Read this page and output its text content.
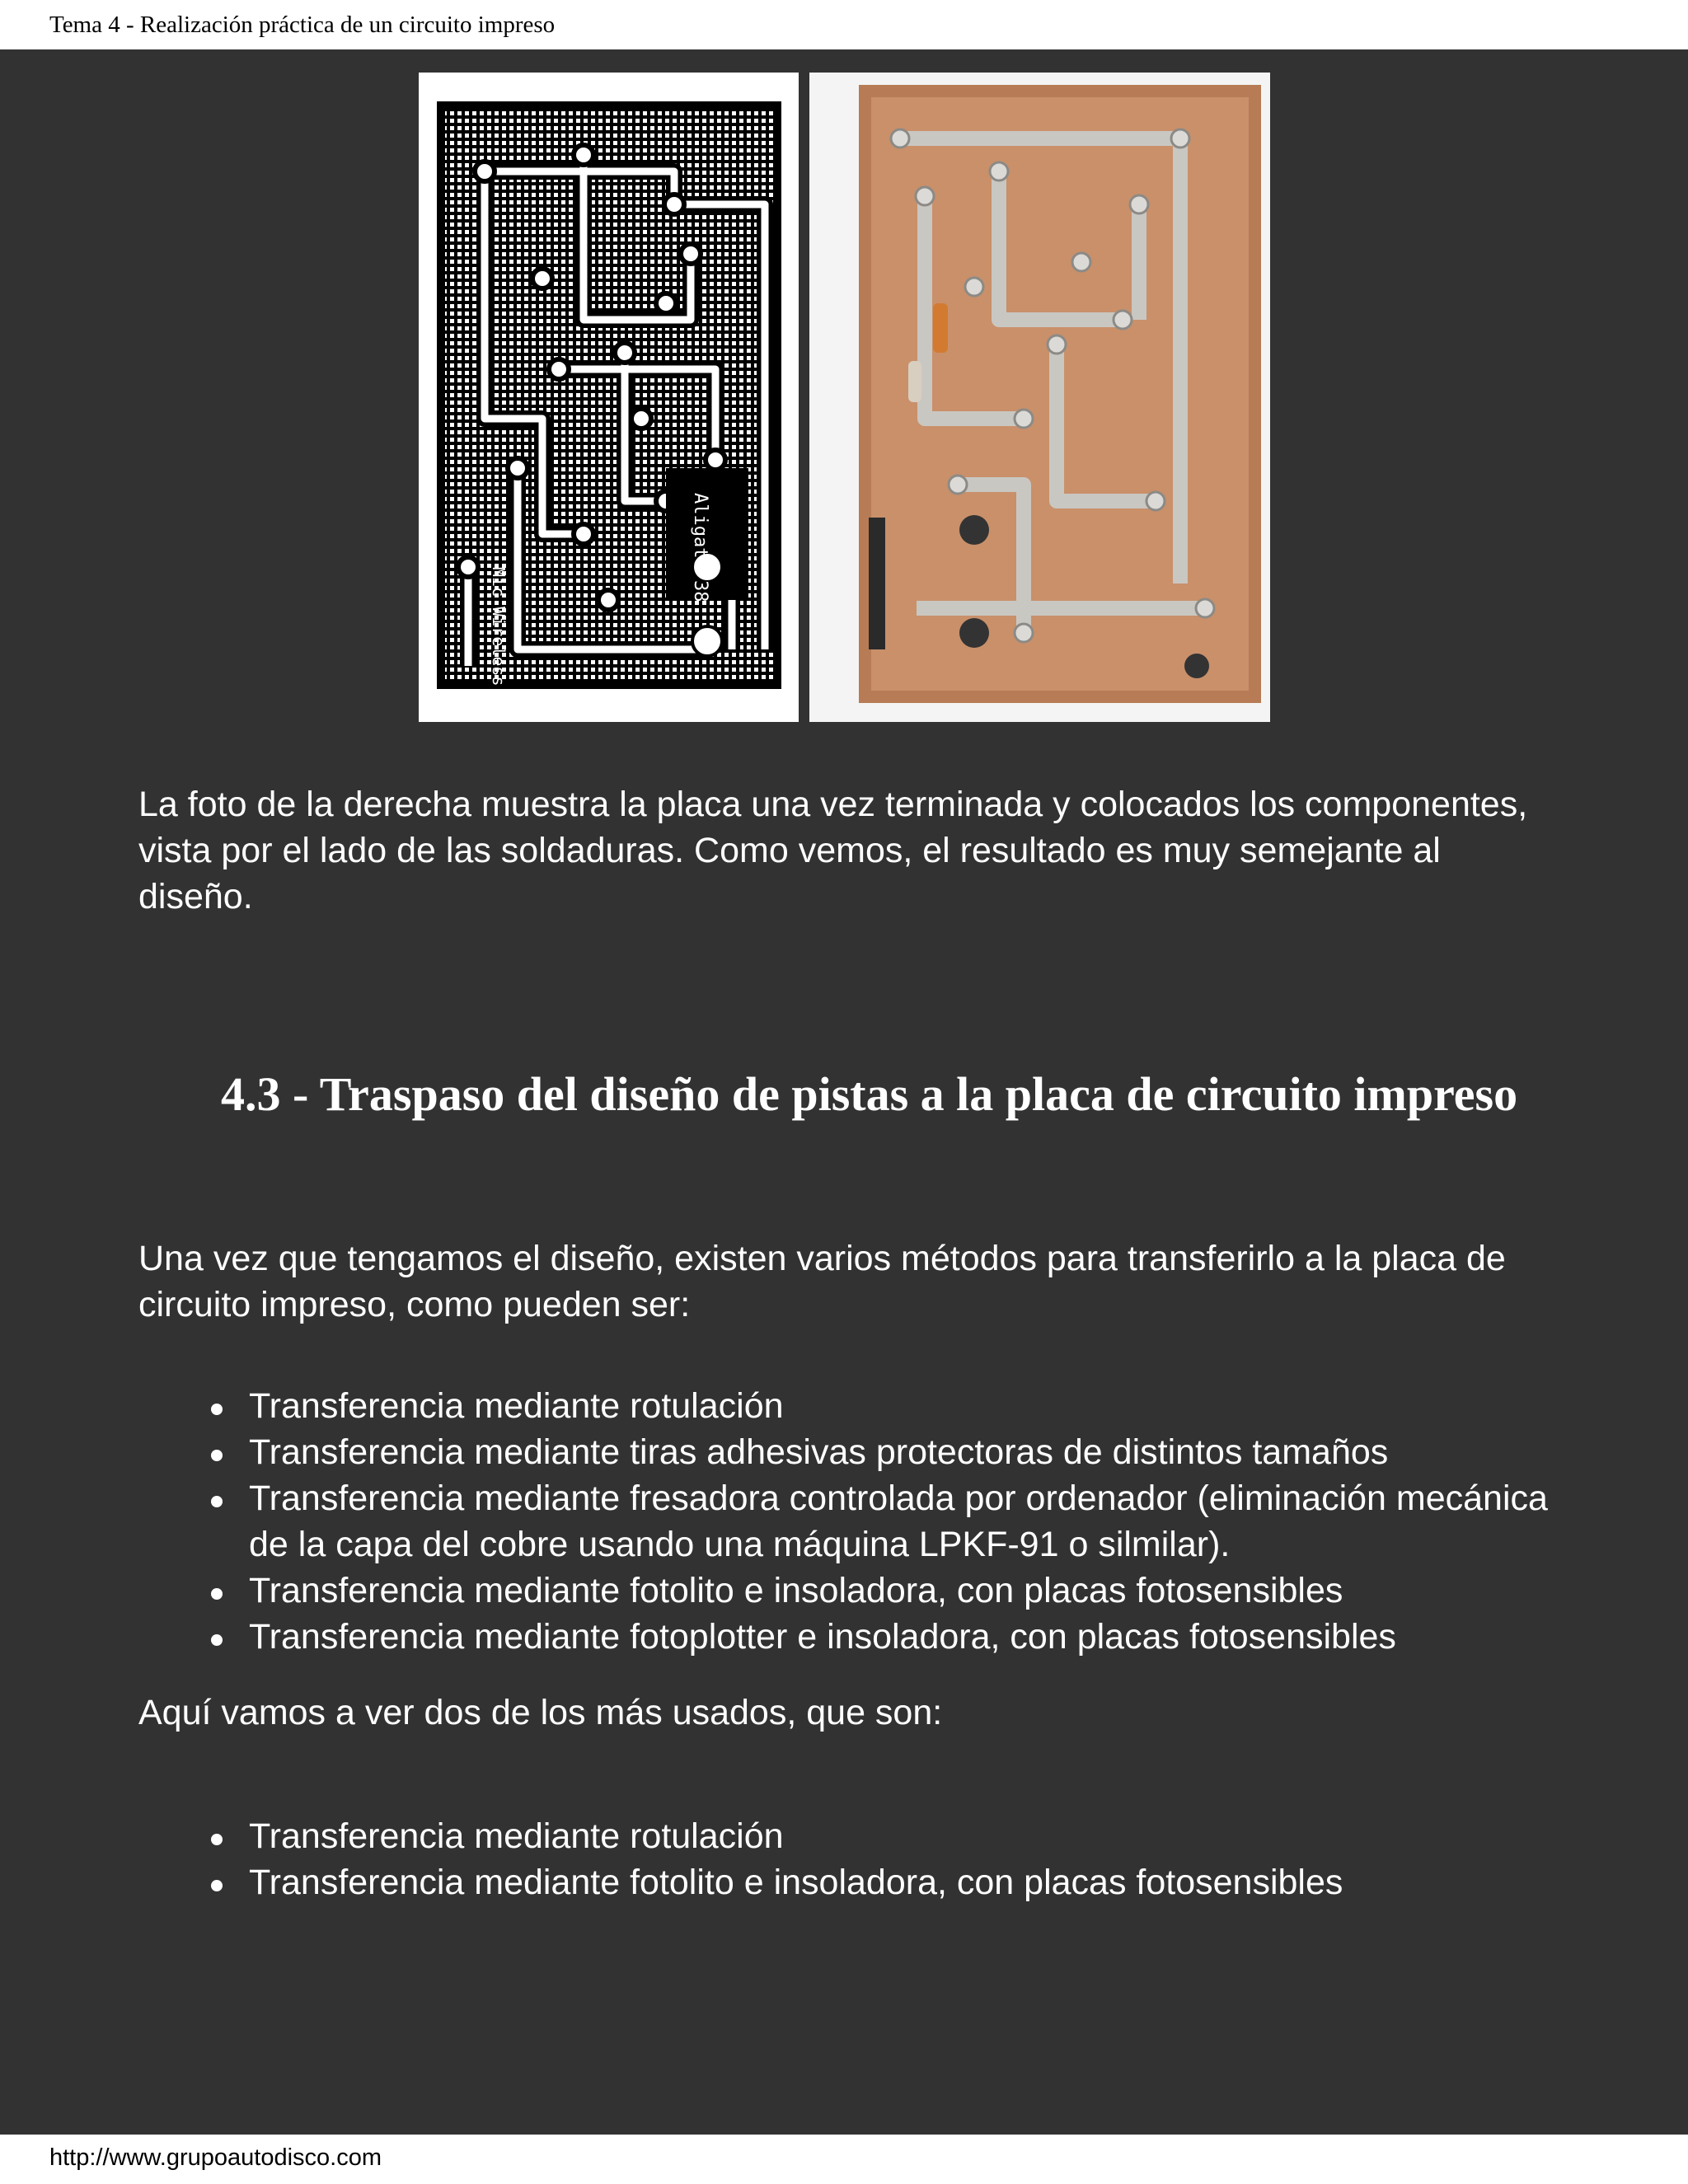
Tema 4 - Realización práctica de un circuito impreso
Aligato 38
Mic Wireless

La foto de la derecha muestra la placa una vez terminada y colocados los componentes, vista por el lado de las soldaduras. Como vemos, el resultado es muy semejante al diseño.

4.3 - Traspaso del diseño de pistas a la placa de circuito impreso

Una vez que tengamos el diseño, existen varios métodos para transferirlo a la placa de circuito impreso, como pueden ser:

Transferencia mediante rotulación
Transferencia mediante tiras adhesivas protectoras de distintos tamaños
Transferencia mediante fresadora controlada por ordenador (eliminación mecánica de la capa del cobre usando una máquina LPKF-91 o silmilar).
Transferencia mediante fotolito e insoladora, con placas fotosensibles
Transferencia mediante fotoplotter e insoladora, con placas fotosensibles

Aquí vamos a ver dos de los más usados, que son:

Transferencia mediante rotulación
Transferencia mediante fotolito e insoladora, con placas fotosensibles
http://www.grupoautodisco.com
